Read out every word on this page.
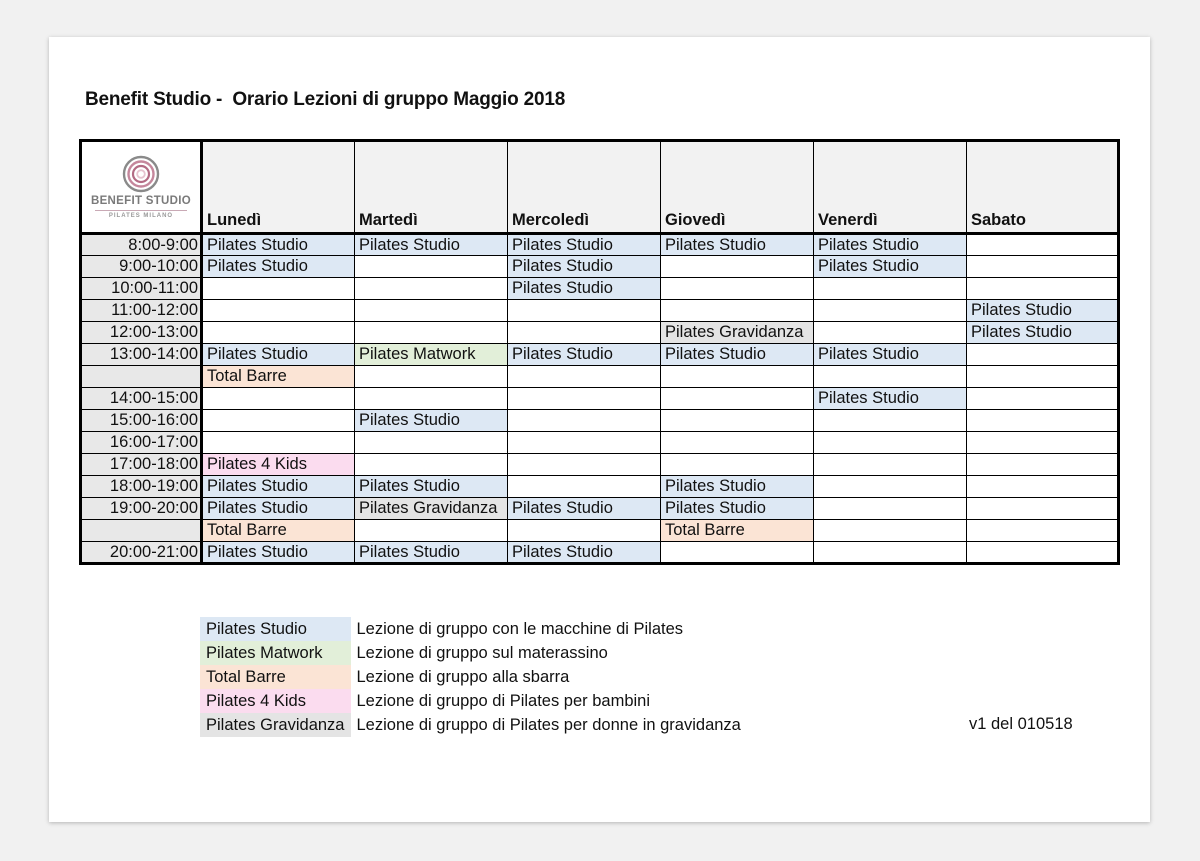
Benefit Studio -  Orario Lezioni di gruppo Maggio 2018
BENEFIT STUDIO
PILATES MILANO	Lunedì	Martedì	Mercoledì	Giovedì	Venerdì	Sabato
8:00-9:00	Pilates Studio	Pilates Studio	Pilates Studio	Pilates Studio	Pilates Studio	
9:00-10:00	Pilates Studio		Pilates Studio		Pilates Studio	
10:00-11:00			Pilates Studio			
11:00-12:00						Pilates Studio
12:00-13:00				Pilates Gravidanza		Pilates Studio
13:00-14:00	Pilates Studio	Pilates Matwork	Pilates Studio	Pilates Studio	Pilates Studio	
	Total Barre					
14:00-15:00					Pilates Studio	
15:00-16:00		Pilates Studio				
16:00-17:00						
17:00-18:00	Pilates 4 Kids					
18:00-19:00	Pilates Studio	Pilates Studio		Pilates Studio		
19:00-20:00	Pilates Studio	Pilates Gravidanza	Pilates Studio	Pilates Studio		
	Total Barre			Total Barre		
20:00-21:00	Pilates Studio	Pilates Studio	Pilates Studio			
Pilates Studio	Lezione di gruppo con le macchine di Pilates
Pilates Matwork	Lezione di gruppo sul materassino
Total Barre	Lezione di gruppo alla sbarra
Pilates 4 Kids	Lezione di gruppo di Pilates per bambini
Pilates Gravidanza	Lezione di gruppo di Pilates per donne in gravidanza	v1 del 010518
